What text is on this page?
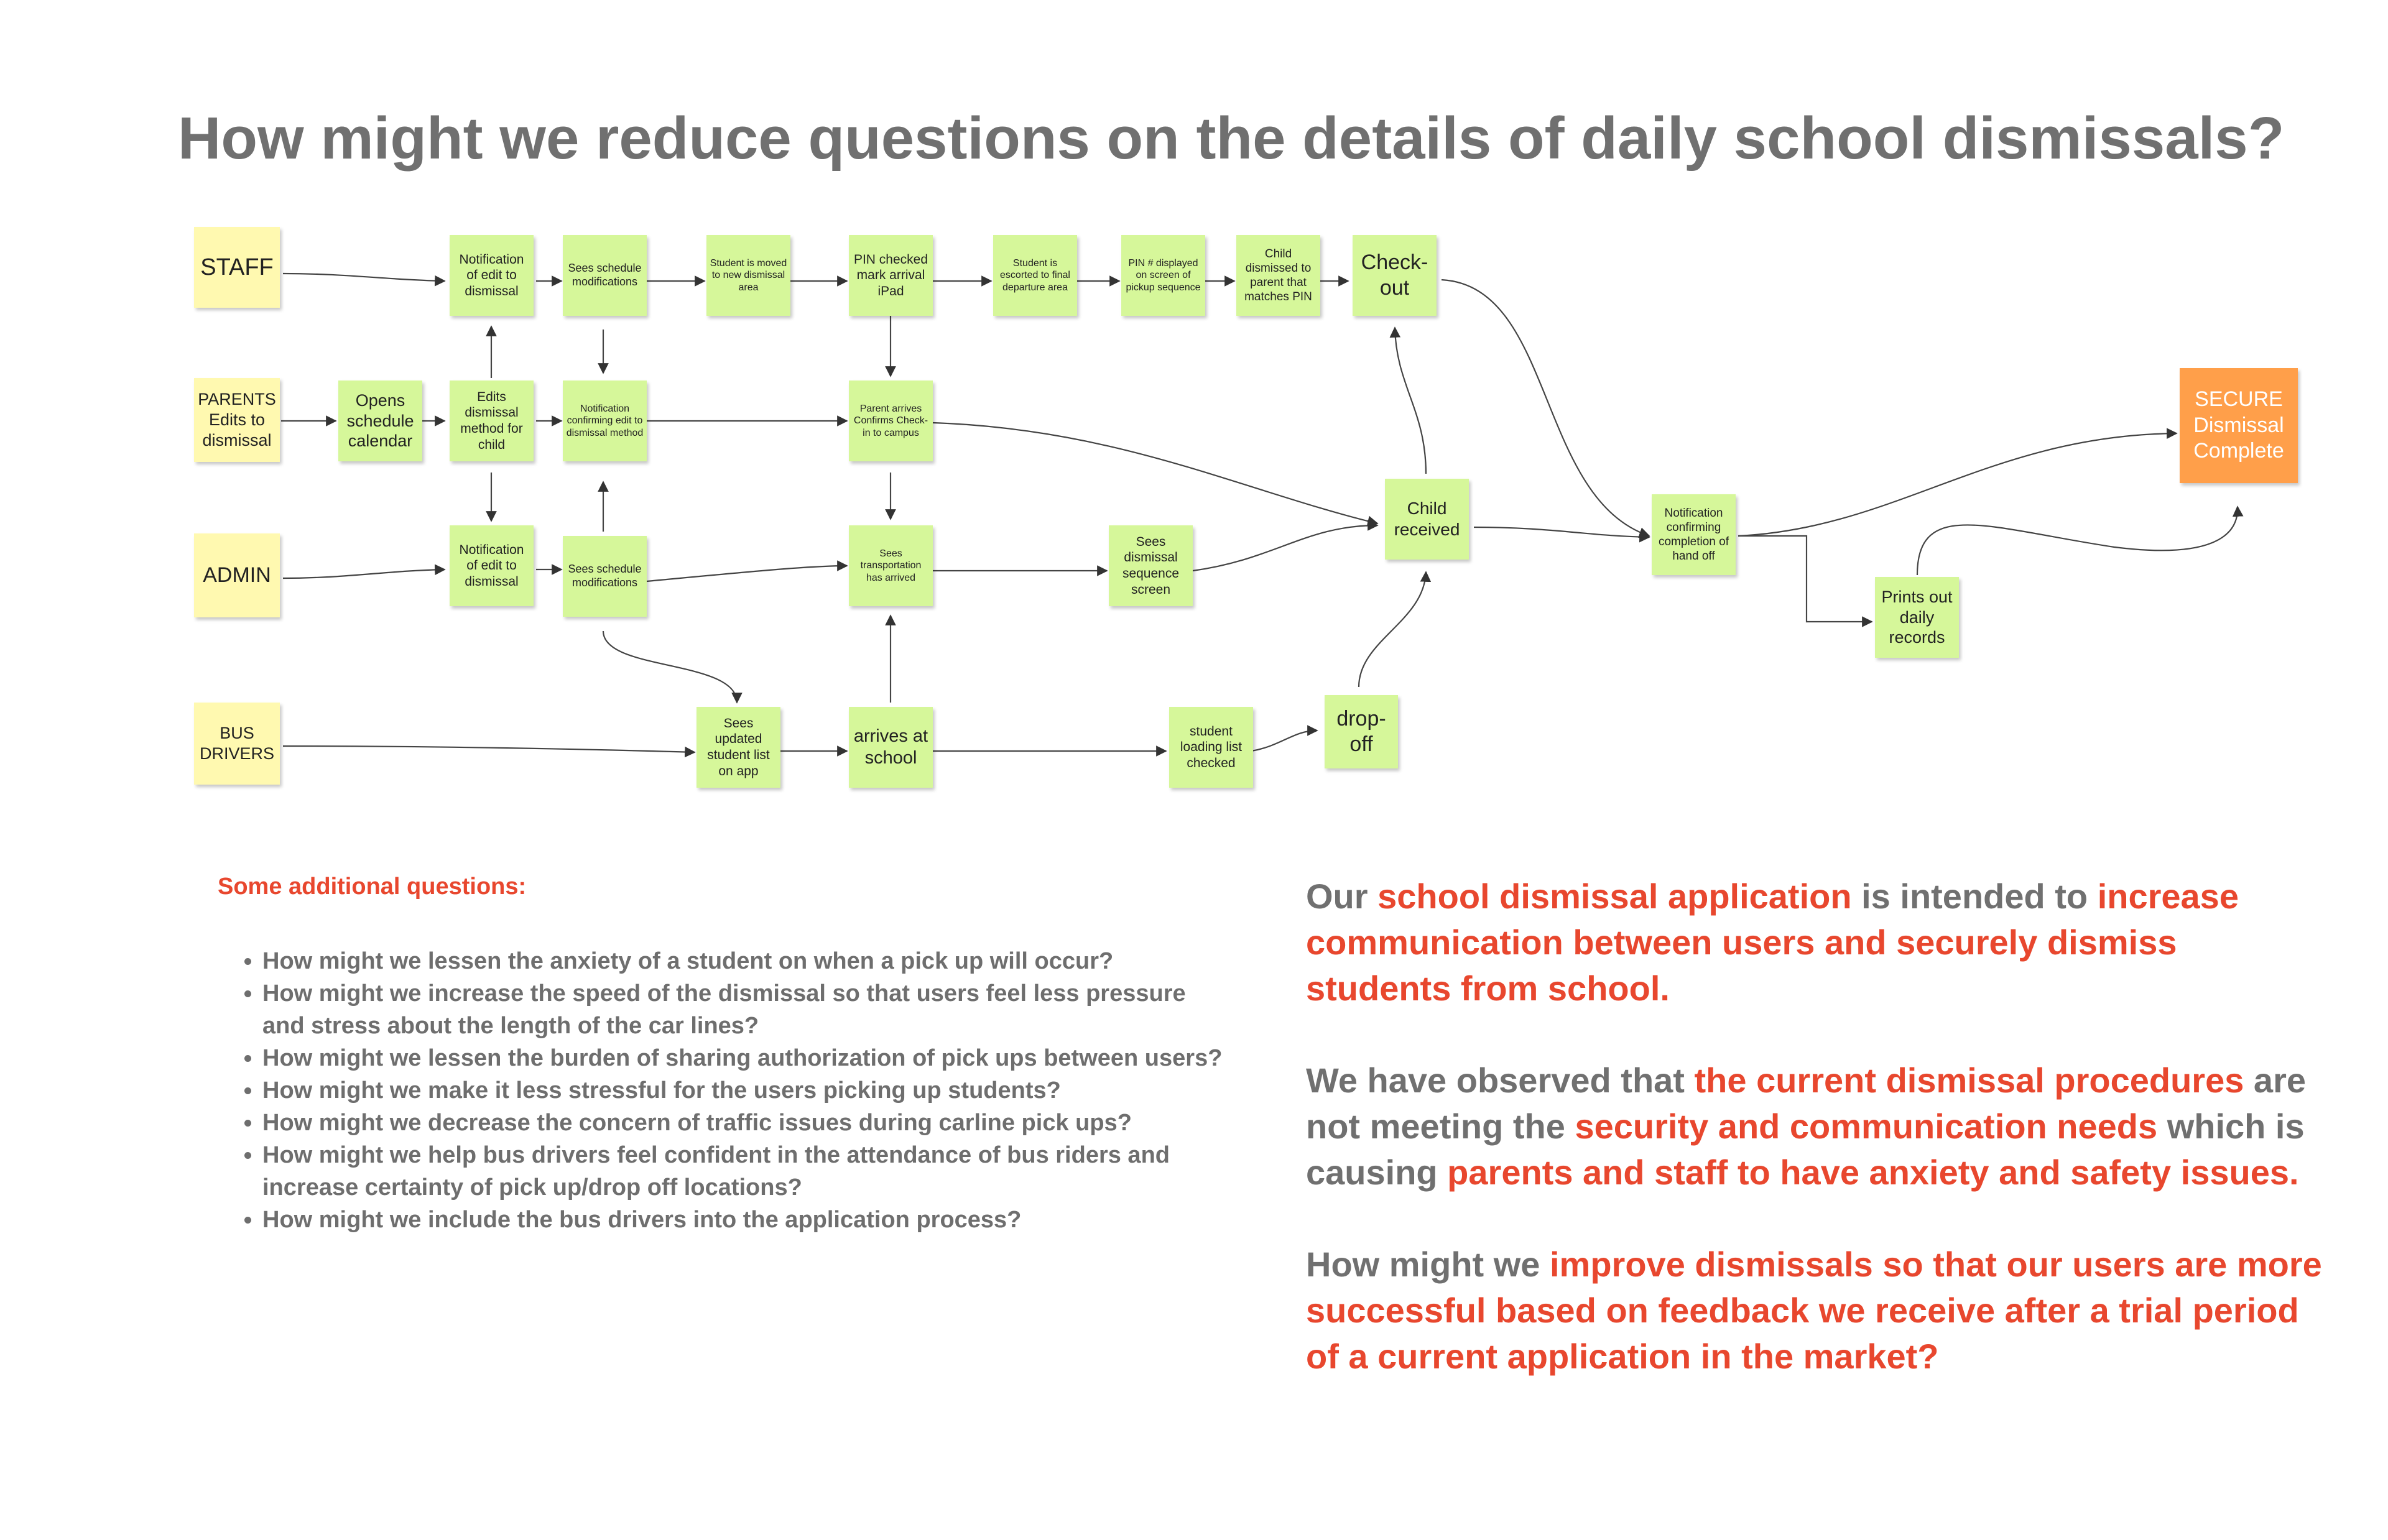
How might we reduce questions on the details of daily school dismissals?
STAFF
PARENTS Edits to dismissal
ADMIN
BUS DRIVERS
Notification of edit to dismissal
Sees schedule modifications
Student is moved to new dismissal area
PIN checked mark arrival iPad
Student is escorted to final departure area
PIN # displayed on screen of pickup sequence
Child dismissed to parent that matches PIN
Check-out
Opens schedule calendar
Edits dismissal method for child
Notification confirming edit to dismissal method
Parent arrives Confirms Check-in to campus
Notification of edit to dismissal
Sees schedule modifications
Sees transportation has arrived
Sees dismissal sequence screen
Child received
Notification confirming completion of hand off
Prints out daily records
SECURE Dismissal Complete
Sees updated student list on app
arrives at school
student loading list checked
drop-off
Some additional questions:
• How might we lessen the anxiety of a student on when a pick up will occur?
• How might we increase the speed of the dismissal so that users feel less pressure and stress about the length of the car lines?
• How might we lessen the burden of sharing authorization of pick ups between users?
• How might we make it less stressful for the users picking up students?
• How might we decrease the concern of traffic issues during carline pick ups?
• How might we help bus drivers feel confident in the attendance of bus riders and increase certainty of pick up/drop off locations?
• How might we include the bus drivers into the application process?

Our school dismissal application is intended to increase communication between users and securely dismiss students from school.

We have observed that the current dismissal procedures are not meeting the security and communication needs which is causing parents and staff to have anxiety and safety issues.

How might we improve dismissals so that our users are more successful based on feedback we receive after a trial period of a current application in the market?
